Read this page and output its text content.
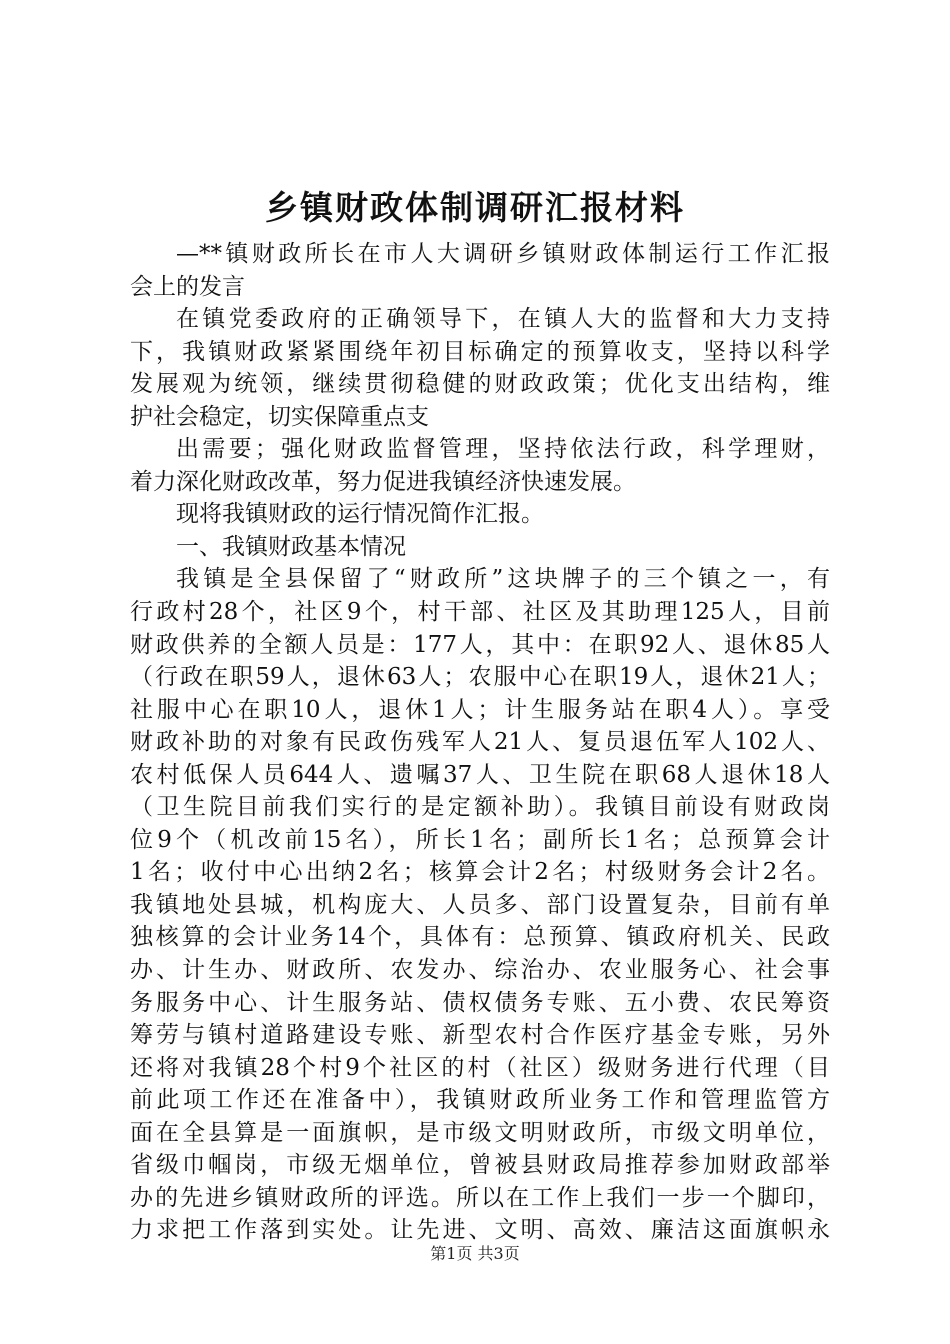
乡镇财政体制调研汇报材料
—**镇财政所长在市人大调研乡镇财政体制运行工作汇报
会上的发言
在镇党委政府的正确领导下，在镇人大的监督和大力支持
下，我镇财政紧紧围绕年初目标确定的预算收支，坚持以科学
发展观为统领，继续贯彻稳健的财政政策；优化支出结构，维
护社会稳定，切实保障重点支
出需要；强化财政监督管理，坚持依法行政，科学理财，
着力深化财政改革，努力促进我镇经济快速发展。
现将我镇财政的运行情况简作汇报。
一、我镇财政基本情况
我镇是全县保留了“财政所”这块牌子的三个镇之一，有
行政村28个，社区9个，村干部、社区及其助理125人，目前
财政供养的全额人员是：177人，其中：在职92人、退休85人
（行政在职59人，退休63人；农服中心在职19人，退休21人；
社服中心在职10人，退休1人；计生服务站在职4人）。享受
财政补助的对象有民政伤残军人21人、复员退伍军人102人、
农村低保人员644人、遗嘱37人、卫生院在职68人退休18人
（卫生院目前我们实行的是定额补助）。我镇目前设有财政岗
位9个（机改前15名），所长1名；副所长1名；总预算会计
1名；收付中心出纳2名；核算会计2名；村级财务会计2名。
我镇地处县城，机构庞大、人员多、部门设置复杂，目前有单
独核算的会计业务14个，具体有：总预算、镇政府机关、民政
办、计生办、财政所、农发办、综治办、农业服务心、社会事
务服务中心、计生服务站、债权债务专账、五小费、农民筹资
筹劳与镇村道路建设专账、新型农村合作医疗基金专账，另外
还将对我镇28个村9个社区的村（社区）级财务进行代理（目
前此项工作还在准备中），我镇财政所业务工作和管理监管方
面在全县算是一面旗帜，是市级文明财政所，市级文明单位，
省级巾帼岗，市级无烟单位，曾被县财政局推荐参加财政部举
办的先进乡镇财政所的评选。所以在工作上我们一步一个脚印，
力求把工作落到实处。让先进、文明、高效、廉洁这面旗帜永
第1页 共3页
